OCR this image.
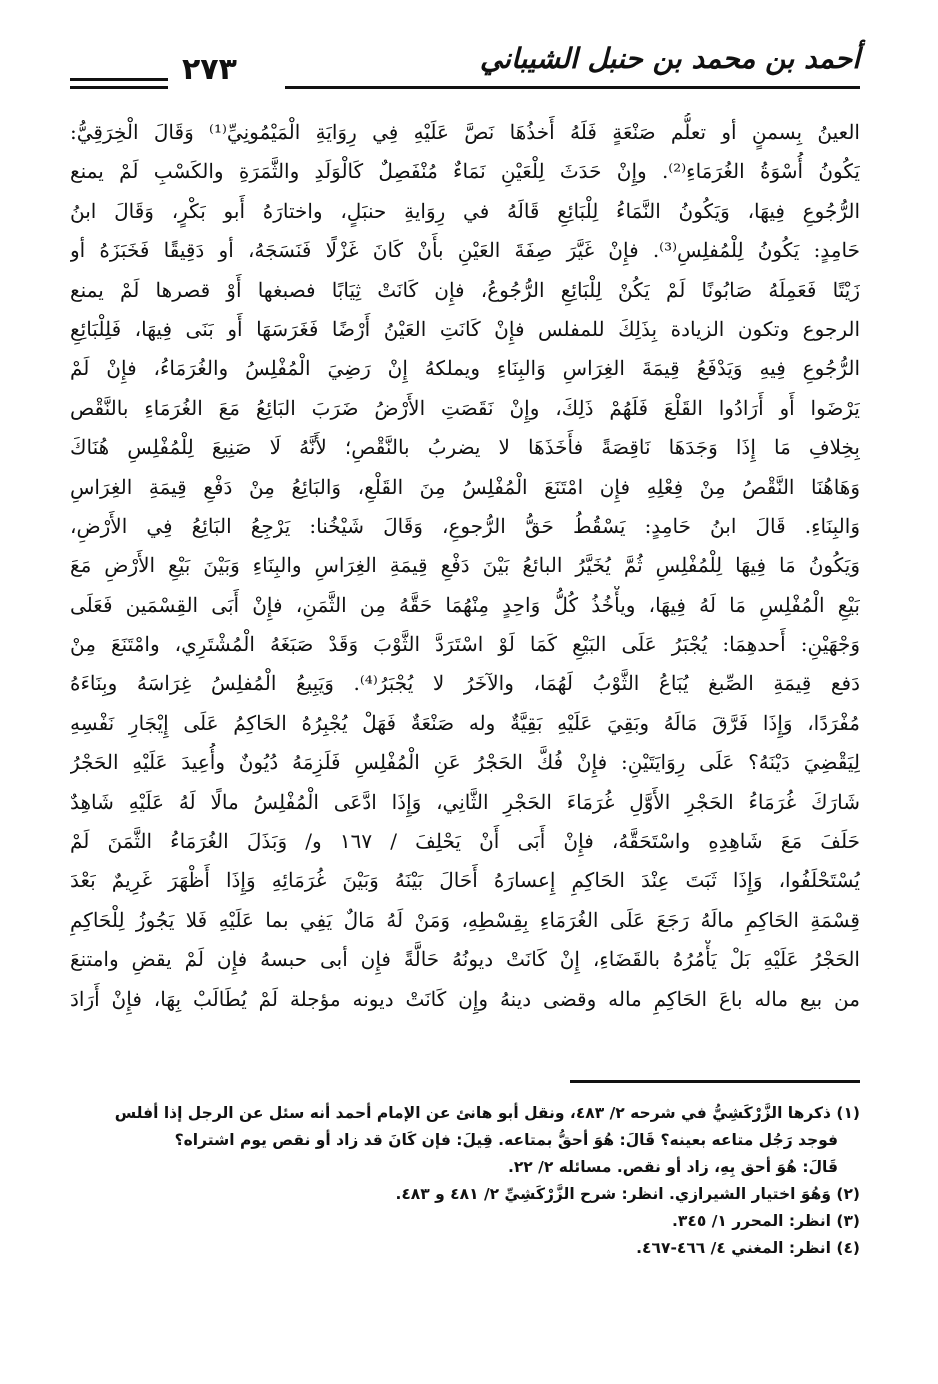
أحمد بن محمد بن حنبل الشيباني
٢٧٣
العينُ بِسمنٍ أو تعلُّم صَنْعَةٍ فَلَهُ أَخذُهَا نَصَّ عَلَيْهِ فِي رِوَايَةِ الْمَيْمُونِيِّ⁽¹⁾ وَقَالَ الْخِرَقِيُّ:
يَكُونُ أُسْوَةُ الغُرَمَاءِ⁽²⁾. وإِنْ حَدَثَ لِلْعَيْنِ نَمَاءٌ مُنْفَصِلٌ كَالْوَلَدِ والثَّمَرَةِ والكَسْبِ لَمْ يمنع
الرُّجُوعِ فِيهَا، وَيَكُونُ النَّمَاءُ لِلْبَائِعِ قَالَهُ في رِوَايةِ حنبَلٍ، واختارَهُ أَبو بَكْرٍ، وَقَالَ ابنُ
حَامِدٍ: يَكُونُ لِلْمُفلِسِ⁽³⁾. فإِنْ غَيَّرَ صِفَةَ العَيْنِ بأَنْ كَانَ غَزْلًا فَنَسَجَهُ، أو دَقِيقًا فَخَبَزَهُ أو
زَيْتًا فَعَمِلَهُ صَابُونًا لَمْ يَكُنْ لِلْبَائِعِ الرُّجُوعُ، فإِن كَانَتْ ثِيَابًا فصبغها أَوْ قصرها لَمْ يمنع
الرجوع وتكون الزيادة بِذَلِكَ للمفلس فإِنْ كَانَتِ العَيْنُ أَرْضًا فَغَرَسَهَا أَو بَنَى فِيهَا، فَلِلْبَائِعِ
الرُّجُوعِ فِيهِ وَيَدْفَعُ قِيمَةَ الغِرَاسِ وَالبِنَاءِ ويملكهُ إِنْ رَضِيَ الْمُفْلِسُ والغُرَمَاءُ، فإِنْ لَمْ
يَرْضَوا أَو أَرَادُوا القَلْعَ فَلَهُمْ ذَلِكَ، وإِنْ نَقَصَتِ الأَرْضُ ضَرَبَ البَائِعُ مَعَ الغُرَمَاءِ بالنَّقْص
بِخِلافِ مَا إِذَا وَجَدَهَا نَاقِصَةً فأَخَذَهَا لا يضربُ بالنَّقْصِ؛ لأَنَّهُ لَا صَنِيعَ لِلْمُفْلِسِ هُنَاكَ
وَهَاهُنَا النَّقْصُ مِنْ فِعْلِهِ فإِن امْتَنَعَ الْمُفْلِسُ مِنَ القَلْعِ، وَالبَائِعُ مِنْ دَفْعِ قِيمَةِ الغِرَاسِ
وَالبِنَاءِ. قَالَ ابنُ حَامِدٍ: يَسْقُطُ حَقُّ الرُّجوعِ، وَقَالَ شَيْخُنا: يَرْجِعُ البَائِعُ فِي الأَرْضِ،
وَيَكُونُ مَا فِيهَا لِلْمُفْلِسِ ثُمَّ يُخَيَّرُ البائعُ بَيْنَ دَفْعِ قِيمَةِ الغِرَاسِ والبِنَاءِ وَبَيْنَ بَيْعِ الأَرْضِ مَعَ
بَيْعِ الْمُفْلِسِ مَا لَهُ فِيهَا، ويأْخُذُ كُلُّ وَاحِدٍ مِنْهُمَا حَقَّهُ مِن الثَّمَنِ، فإِنْ أَبَى القِسْمَين فَعَلَى
وَجْهَيْنِ: أَحدهِمَا: يُجْبَرُ عَلَى البَيْعِ كَمَا لَوْ اسْتَرَدَّ الثَّوْبَ وَقَدْ صَبَغَهُ الْمُشْتَرِي، وامْتَنَعَ مِنْ
دَفع قِيمَةِ الصِّبغ يُبَاعُ الثَّوْبُ لَهُمَا، والآخَرُ لا يُجْبَرُ⁽⁴⁾. وَيَبِيعُ الْمُفلِسُ غِرَاسَهُ وبِنَاءَهُ
مُفْرَدًا، وَإِذَا فَرَّقَ مَالَهُ وبَقِيَ عَلَيْهِ بَقِيَّةٌ وله صَنْعَةٌ فَهَلْ يُجْبِرُهُ الحَاكِمُ عَلَى إِيْجَارِ نَفْسِهِ
لِيَقْضِيَ دَيْنَهُ؟ عَلَى رِوَايَتَيْنِ: فإِنْ فُكَّ الحَجْرُ عَنِ الْمُفْلِسِ فَلَزِمَهُ دُيُونٌ وأُعِيدَ عَلَيْهِ الحَجْرُ
شَارَكَ غُرَمَاءُ الحَجْرِ الأَوَّلِ غُرَمَاءَ الحَجْرِ الثَّانِي، وَإِذَا ادَّعَى الْمُفْلِسُ مالًا لَهُ عَلَيْهِ شَاهِدٌ
حَلَفَ مَعَ شَاهِدِهِ واسْتَحَقَّهُ، فإِنْ أَبَى أَنْ يَحْلِفَ / ١٦٧ و/ وَبَذَلَ الغُرَمَاءُ الثَّمَنَ لَمْ
يُسْتَحْلَفُوا، وَإِذَا ثَبَتَ عِنْدَ الحَاكِمِ إِعسارَهُ أَحَالَ بَيْنَهُ وَبَيْنَ غُرَمَائِهِ وَإِذَا أَظْهَرَ غَرِيمٌ بَعْدَ
قِسْمَةِ الحَاكِمِ مالَهُ رَجَعَ عَلَى الغُرَمَاءِ بِقِسْطِهِ، وَمَنْ لَهُ مَالٌ يَفِي بما عَلَيْهِ فَلا يَجُوزُ لِلْحَاكِمِ
الحَجْرُ عَلَيْهِ بَلْ يَأْمُرُهُ بالقَضَاءِ، إِنْ كَانَتْ ديونُهُ حَالَّةً فإِن أبى حبسهُ فإِن لَمْ يقضِ وامتنعَ
من بيع ماله باعَ الحَاكِمِ ماله وقضى دينهُ وإِن كَانَتْ ديونه مؤجلة لَمْ يُطَالَبْ بِهَا، فإِنْ أَرَادَ
(١) ذكرها الزَّرْكَشِيُّ في شرحه ٢/ ٤٨٣، ونقل أبو هانئ عن الإمام أحمد أنه سئل عن الرجل إذا أفلس
فوجد رَجُل متاعه بعينه؟ قَالَ: هُوَ أحقُّ بمتاعه. قِيلَ: فإن كَانَ قد زاد أو نقص يوم اشتراه؟
قَالَ: هُوَ أحق بِهِ، زاد أو نقص. مسائله ٢/ ٢٢.
(٢) وَهُوَ اختيار الشيرازي. انظر: شرح الزَّرْكَشِيِّ ٢/ ٤٨١ و ٤٨٣.
(٣) انظر: المحرر ١/ ٣٤٥.
(٤) انظر: المغني ٤/ ٤٦٦-٤٦٧.
